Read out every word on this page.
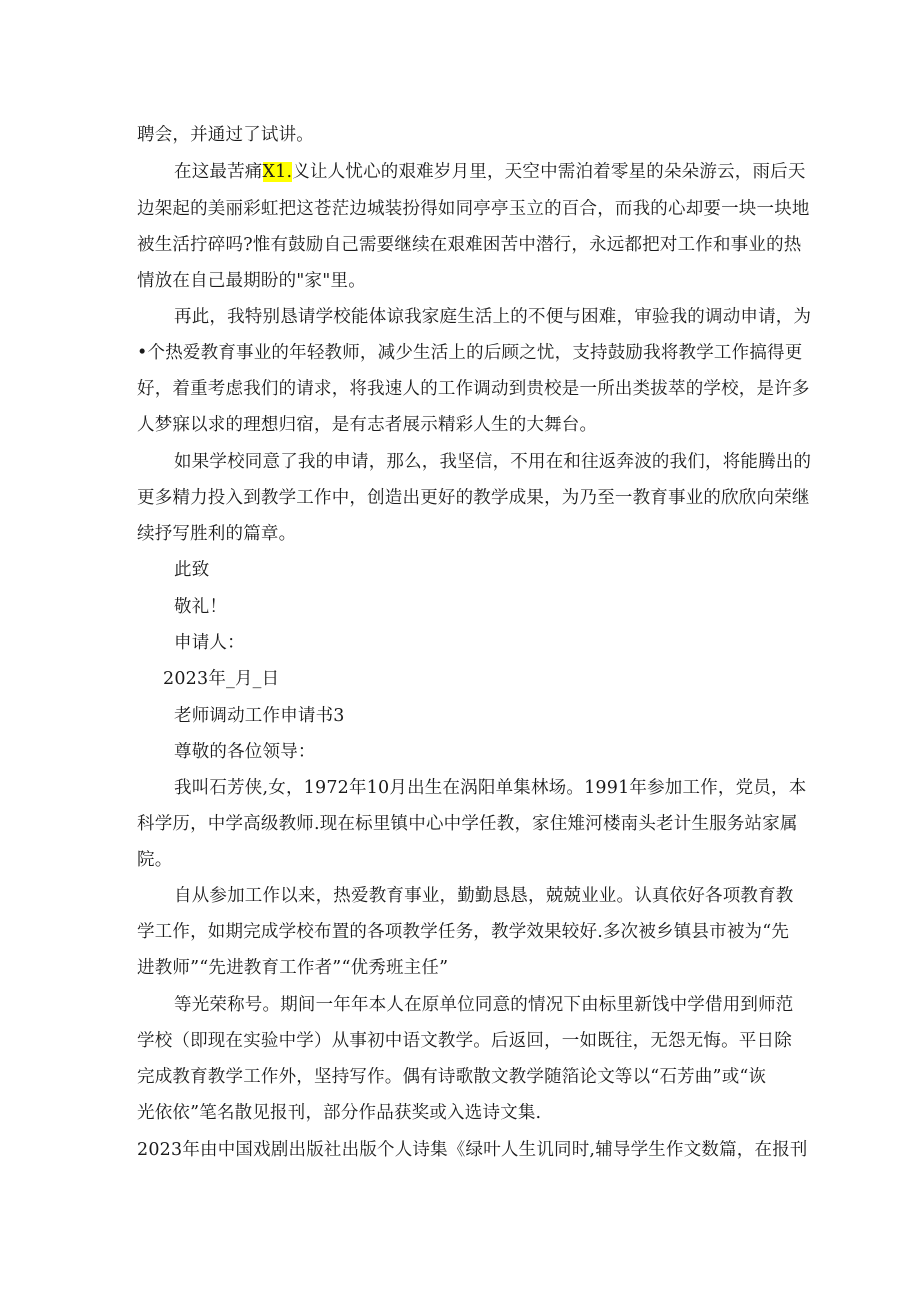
聘会，并通过了试讲。
在这最苦痛X1.义让人忧心的艰难岁月里，天空中需泊着零星的朵朵游云，雨后天
边架起的美丽彩虹把这苍茫边城装扮得如同亭亭玉立的百合，而我的心却要一块一块地
被生活拧碎吗?惟有鼓励自己需要继续在艰难困苦中潜行，永远都把对工作和事业的热
情放在自己最期盼的"家"里。
再此，我特别恳请学校能体谅我家庭生活上的不便与困难，审验我的调动申请，为
•个热爱教育事业的年轻教师，减少生活上的后顾之忧，支持鼓励我将教学工作搞得更
好，着重考虑我们的请求，将我速人的工作调动到贵校是一所出类拔萃的学校，是许多
人梦寐以求的理想归宿，是有志者展示精彩人生的大舞台。
如果学校同意了我的申请，那么，我坚信，不用在和往返奔波的我们，将能腾出的
更多精力投入到教学工作中，创造出更好的教学成果，为乃至一教育事业的欣欣向荣继
续抒写胜利的篇章。
此致
敬礼！
申请人：
2023年_月_日
老师调动工作申请书3
尊敬的各位领导：
我叫石芳侠,女，1972年10月出生在涡阳单集林场。1991年参加工作，党员，本
科学历，中学高级教师.现在标里镇中心中学任教，家住雉河楼南头老计生服务站家属
院。
自从参加工作以来，热爱教育事业，勤勤恳恳，兢兢业业。认真依好各项教育教
学工作，如期完成学校布置的各项教学任务，教学效果较好.多次被乡镇县市被为“先
进教师”“先进教育工作者”“优秀班主任”
等光荣称号。期间一年年本人在原单位同意的情况下由标里新饯中学借用到师范
学校（即现在实验中学）从事初中语文教学。后返回，一如既往，无怨无悔。平日除
完成教育教学工作外，坚持写作。偶有诗歌散文教学随箔论文等以“石芳曲”或“诙
光依依”笔名散见报刊，部分作品获奖或入选诗文集.
2023年由中国戏剧出版社出版个人诗集《绿叶人生讥同时,辅导学生作文数篇，在报刊
